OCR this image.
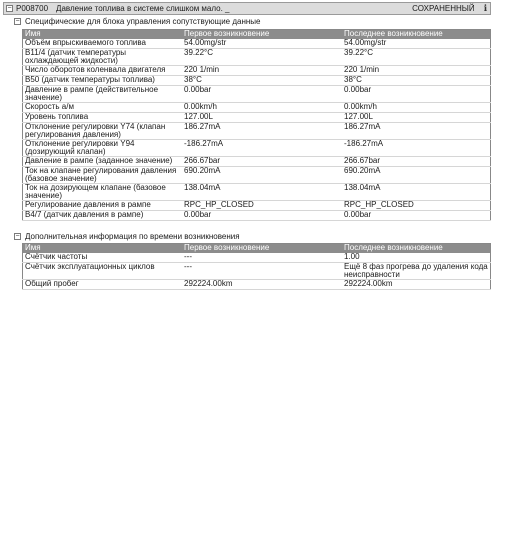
− P008700 Давление топлива в системе слишком мало. _	СОХРАНЕННЫЙ ℹ
− Специфические для блока управления сопутствующие данные
Имя	Первое возникновение	Последнее возникновение
Объём впрыскиваемого топлива	54.00mg/str	54.00mg/str
B11/4 (датчик температуры охлаждающей жидкости)	39.22°C	39.22°C
Число оборотов коленвала двигателя	220 1/min	220 1/min
B50 (датчик температуры топлива)	38°C	38°C
Давление в рампе (действительное значение)	0.00bar	0.00bar
Скорость а/м	0.00km/h	0.00km/h
Уровень топлива	127.00L	127.00L
Отклонение регулировки Y74 (клапан регулирования давления)	186.27mA	186.27mA
Отклонение регулировки Y94 (дозирующий клапан)	-186.27mA	-186.27mA
Давление в рампе (заданное значение)	266.67bar	266.67bar
Ток на клапане регулирования давления (базовое значение)	690.20mA	690.20mA
Ток на дозирующем клапане (базовое значение)	138.04mA	138.04mA
Регулирование давления в рампе	RPC_HP_CLOSED	RPC_HP_CLOSED
B4/7 (датчик давления в рампе)	0.00bar	0.00bar
− Дополнительная информация по времени возникновения
Имя	Первое возникновение	Последнее возникновение
Счётчик частоты	---	1.00
Счётчик эксплуатационных циклов	---	Ещё 8 фаз прогрева до удаления кода неисправности
Общий пробег	292224.00km	292224.00km
